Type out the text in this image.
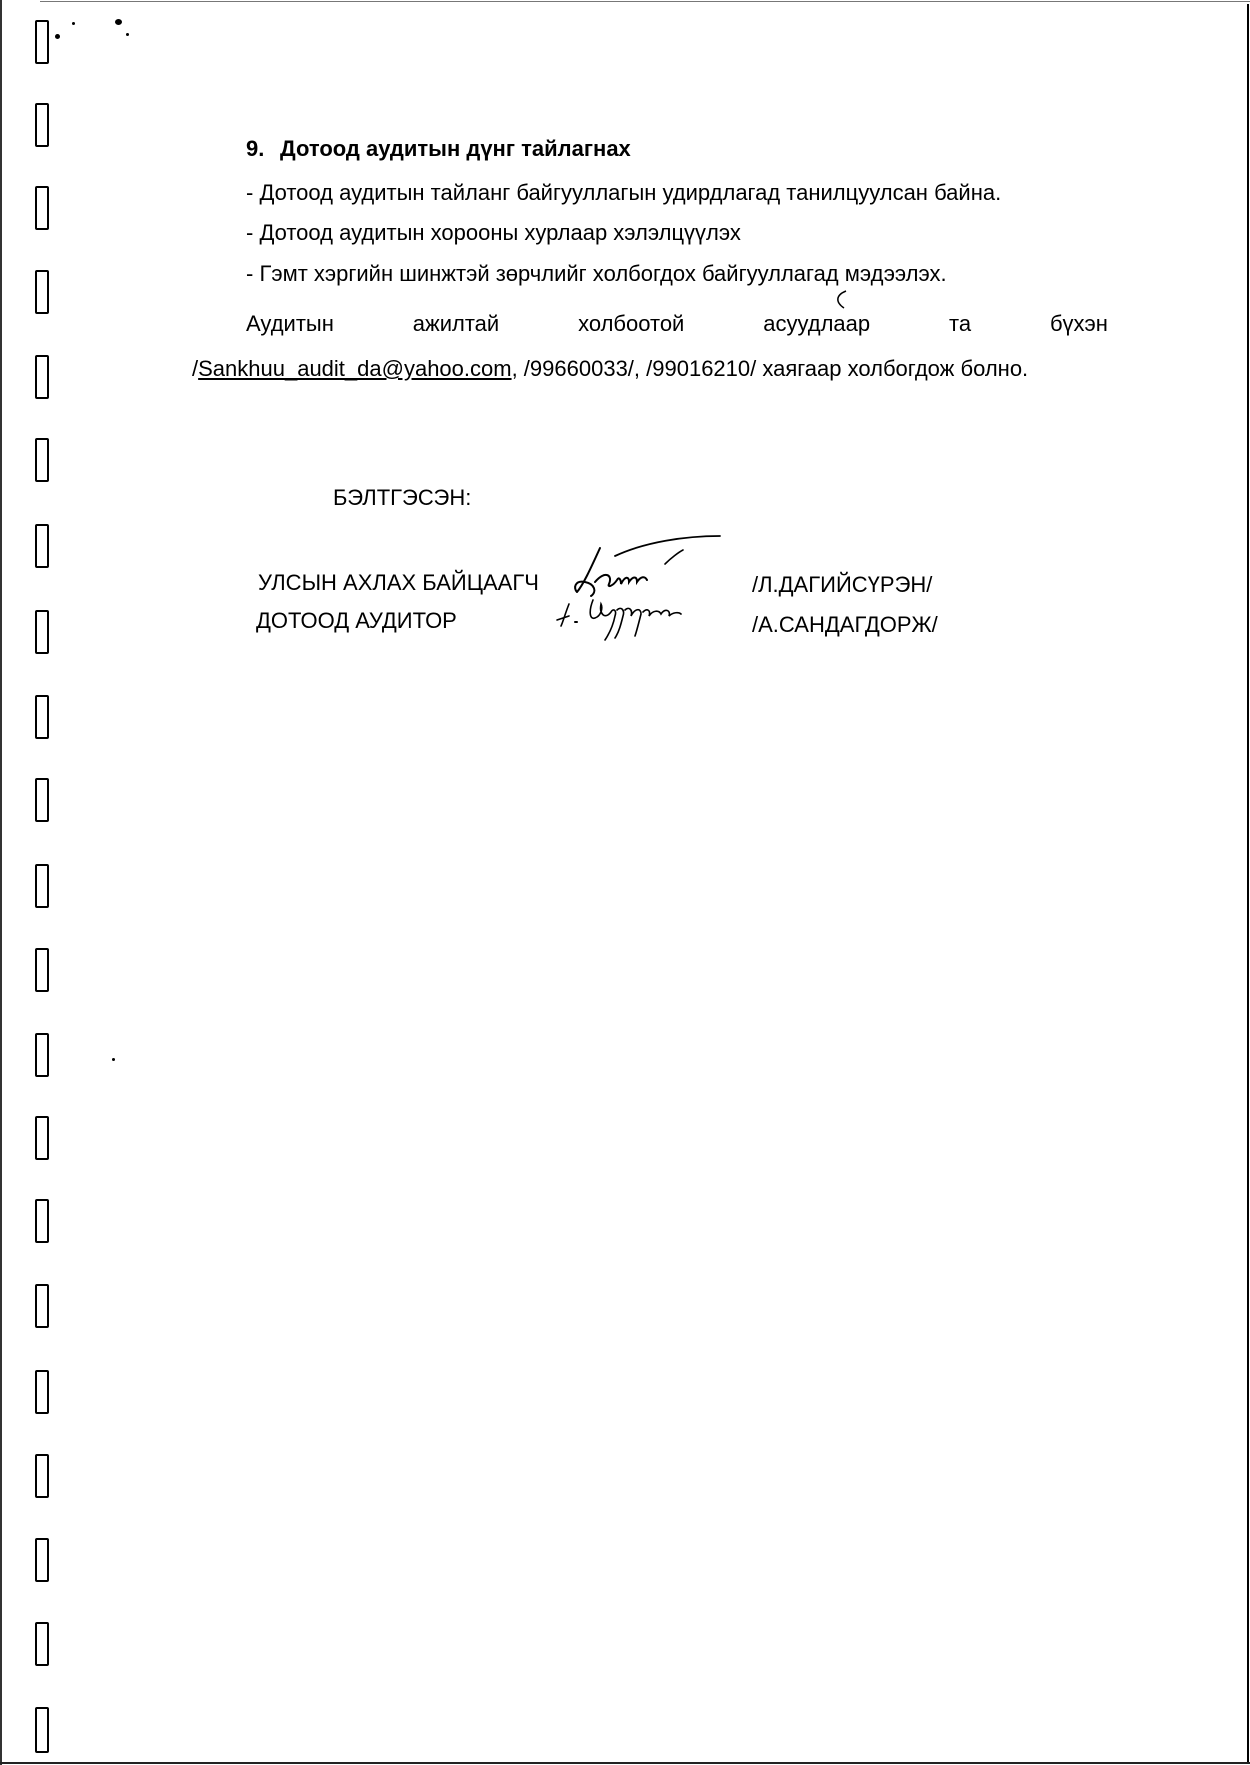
9. Дотоод аудитын дүнг тайлагнах
- Дотоод аудитын тайланг байгууллагын удирдлагад танилцуулсан байна.
- Дотоод аудитын хорооны хурлаар хэлэлцүүлэх
- Гэмт хэргийн шинжтэй зөрчлийг холбогдох байгууллагад мэдээлэх.
Аудитын	ажилтай	холбоотой	асуудлаар	та	бүхэн
/Sankhuu_audit_da@yahoo.com, /99660033/, /99016210/ хаягаар холбогдож болно.
БЭЛТГЭСЭН:
УЛСЫН АХЛАХ БАЙЦААГЧ	/Л.ДАГИЙСҮРЭН/
ДОТООД АУДИТОР	/А.САНДАГДОРЖ/
